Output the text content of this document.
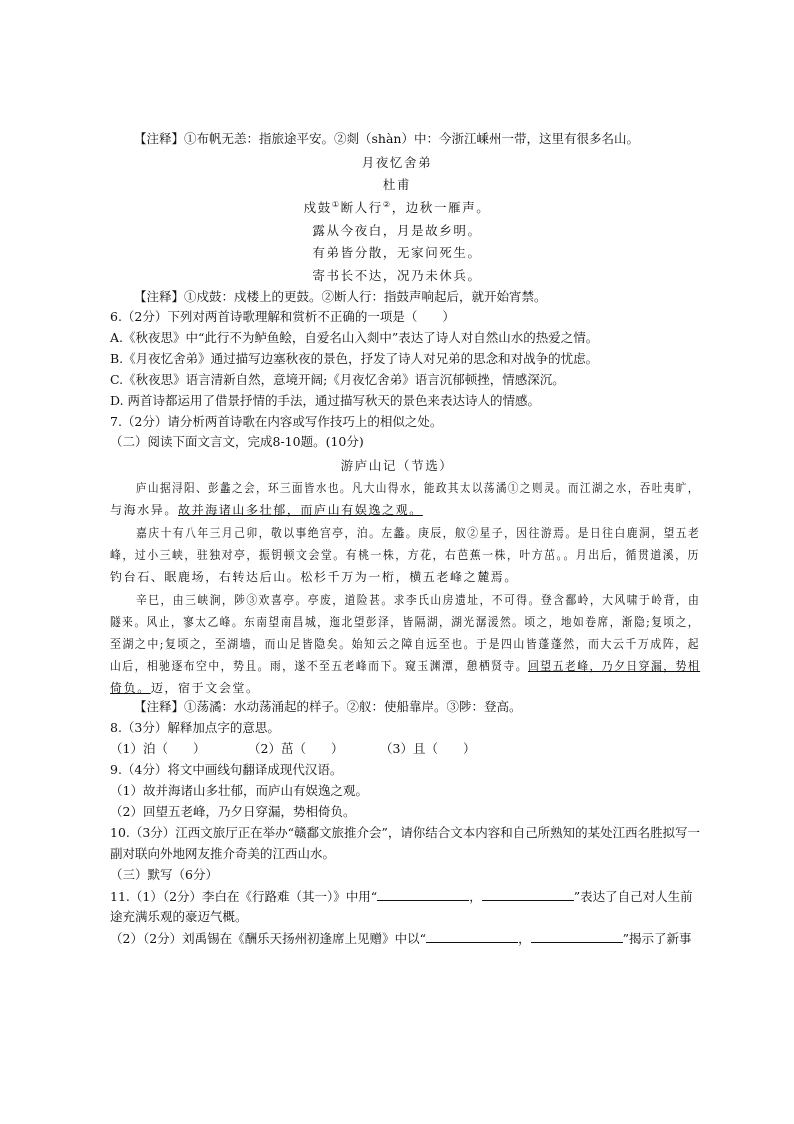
【注释】①布帆无恙：指旅途平安。②剡（shàn）中：今浙江嵊州一带，这里有很多名山。
月夜忆舍弟
杜甫
戍鼓①断人行②，边秋一雁声。
露从今夜白，月是故乡明。
有弟皆分散，无家问死生。
寄书长不达，况乃未休兵。
【注释】①戍鼓：戍楼上的更鼓。②断人行：指鼓声响起后，就开始宵禁。
6.（2分）下列对两首诗歌理解和赏析不正确的一项是（　　）
A.《秋夜思》中“此行不为鲈鱼鲙，自爱名山入剡中”表达了诗人对自然山水的热爱之情。
B.《月夜忆舍弟》通过描写边塞秋夜的景色，抒发了诗人对兄弟的思念和对战争的忧虑。
C.《秋夜思》语言清新自然，意境开阔;《月夜忆舍弟》语言沉郁顿挫，情感深沉。
D. 两首诗都运用了借景抒情的手法，通过描写秋天的景色来表达诗人的情感。
7.（2分）请分析两首诗歌在内容或写作技巧上的相似之处。
（二）阅读下面文言文，完成8-10题。(10分)
游庐山记（节选）
庐山据浔阳、彭蠡之会，环三面皆水也。凡大山得水，能政其太以荡潏①之则灵。而江湖之水，吞吐夷旷，
与海水异。故并海诸山多壮郁，而庐山有娱逸之观。
嘉庆十有八年三月己卯，敬以事绝宫亭，泊。左蠡。庚辰，舣②星子，因往游焉。是日往白鹿洞，望五老
峰，过小三峡，驻独对亭，振钥顿文会堂。有桃一株，方花，右芭蕉一株，叶方茁。。月出后，循贯道溪，历
钓台石、眠鹿场，右转达后山。松杉千万为一桁，横五老峰之麓焉。
辛巳，由三峡涧，陟③欢喜亭。亭废，道险甚。求李氏山房遗址，不可得。登含鄱岭，大风啸于岭背，由
隧来。风止，寥太乙峰。东南望南昌城，迤北望彭泽，皆隔湖，湖光潺湲然。顷之，地如卷席，渐隐;复顷之，
至湖之中;复顷之，至湖墙，而山足皆隐矣。始知云之障自远至也。于是四山皆蓬蓬然，而大云千万成阵，起
山后，相驰逐布空中，势且。雨，遂不至五老峰而下。窥玉渊潭，憩栖贤寺。回望五老峰，乃夕日穿漏，势相
倚负。迈，宿于文会堂。
【注释】①荡潏：水动荡涌起的样子。②舣：使船靠岸。③陟：登高。
8.（3分）解释加点字的意思。
（1）泊（　　）	（2）茁（　　）	（3）且（　　）
9.（4分）将文中画线句翻译成现代汉语。
（1）故并海诸山多壮郁，而庐山有娱逸之观。
（2）回望五老峰，乃夕日穿漏，势相倚负。
10.（3分）江西文旅厅正在举办“赣鄱文旅推介会”，请你结合文本内容和自己所熟知的某处江西名胜拟写一
副对联向外地网友推介奇美的江西山水。
（三）默写（6分）
11.（1）（2分）李白在《行路难（其一）》中用“	，	”表达了自己对人生前
途充满乐观的豪迈气概。
（2）（2分）刘禹锡在《酬乐天扬州初逢席上见赠》中以“	，	”揭示了新事
